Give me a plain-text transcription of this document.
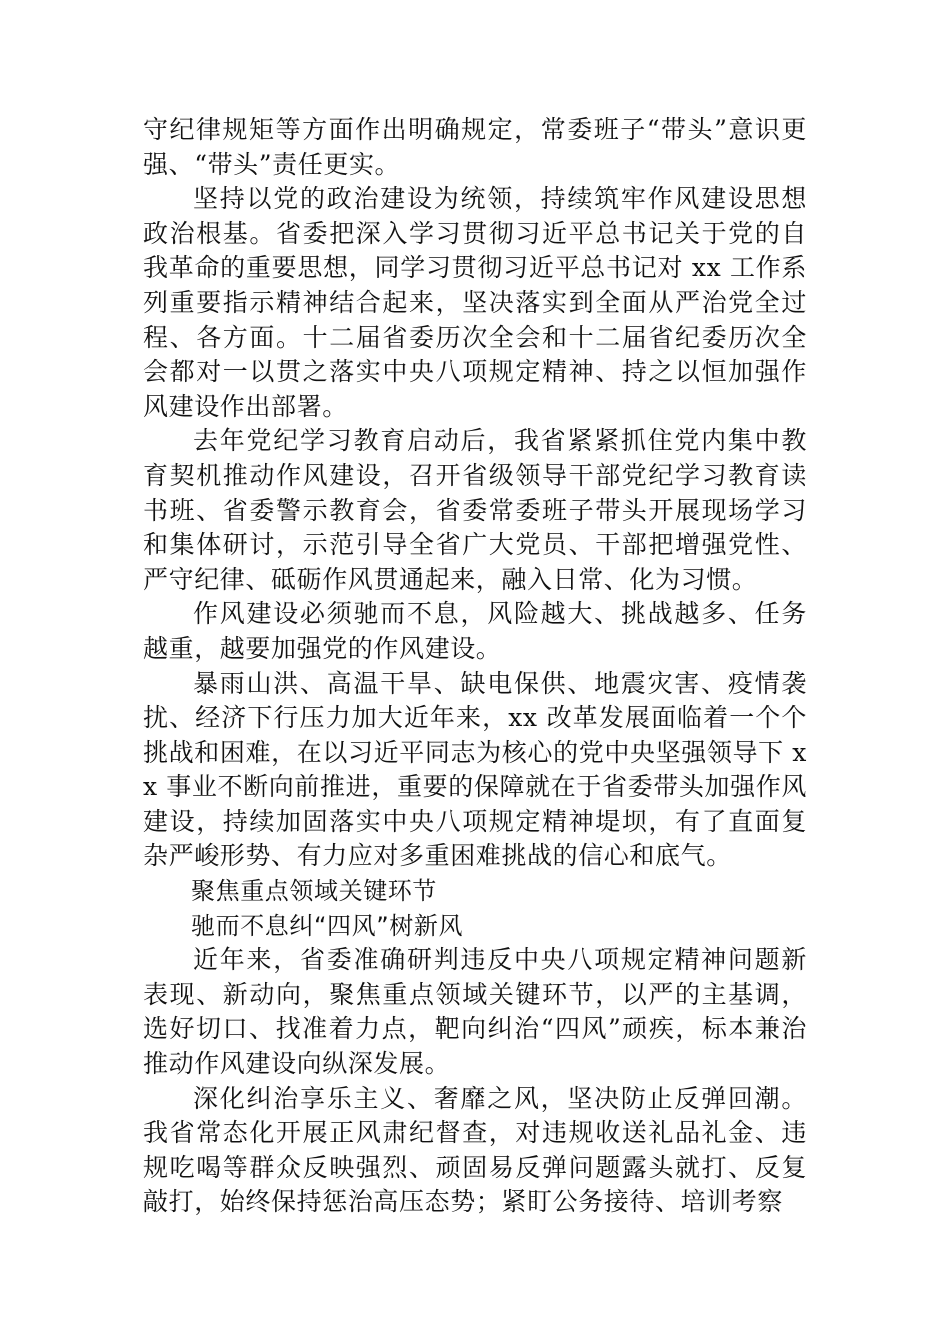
守纪律规矩等方面作出明确规定，常委班子“带头”意识更强、“带头”责任更实。

坚持以党的政治建设为统领，持续筑牢作风建设思想政治根基。省委把深入学习贯彻习近平总书记关于党的自我革命的重要思想，同学习贯彻习近平总书记对 xx 工作系列重要指示精神结合起来，坚决落实到全面从严治党全过程、各方面。十二届省委历次全会和十二届省纪委历次全会都对一以贯之落实中央八项规定精神、持之以恒加强作风建设作出部署。

去年党纪学习教育启动后，我省紧紧抓住党内集中教育契机推动作风建设，召开省级领导干部党纪学习教育读书班、省委警示教育会，省委常委班子带头开展现场学习和集体研讨，示范引导全省广大党员、干部把增强党性、严守纪律、砥砺作风贯通起来，融入日常、化为习惯。

作风建设必须驰而不息，风险越大、挑战越多、任务越重，越要加强党的作风建设。

暴雨山洪、高温干旱、缺电保供、地震灾害、疫情袭扰、经济下行压力加大近年来，xx 改革发展面临着一个个挑战和困难，在以习近平同志为核心的党中央坚强领导下 xx 事业不断向前推进，重要的保障就在于省委带头加强作风建设，持续加固落实中央八项规定精神堤坝，有了直面复杂严峻形势、有力应对多重困难挑战的信心和底气。

聚焦重点领域关键环节

驰而不息纠“四风”树新风

近年来，省委准确研判违反中央八项规定精神问题新表现、新动向，聚焦重点领域关键环节，以严的主基调，选好切口、找准着力点，靶向纠治“四风”顽疾，标本兼治推动作风建设向纵深发展。

深化纠治享乐主义、奢靡之风，坚决防止反弹回潮。我省常态化开展正风肃纪督查，对违规收送礼品礼金、违规吃喝等群众反映强烈、顽固易反弹问题露头就打、反复敲打，始终保持惩治高压态势；紧盯公务接待、培训考察
